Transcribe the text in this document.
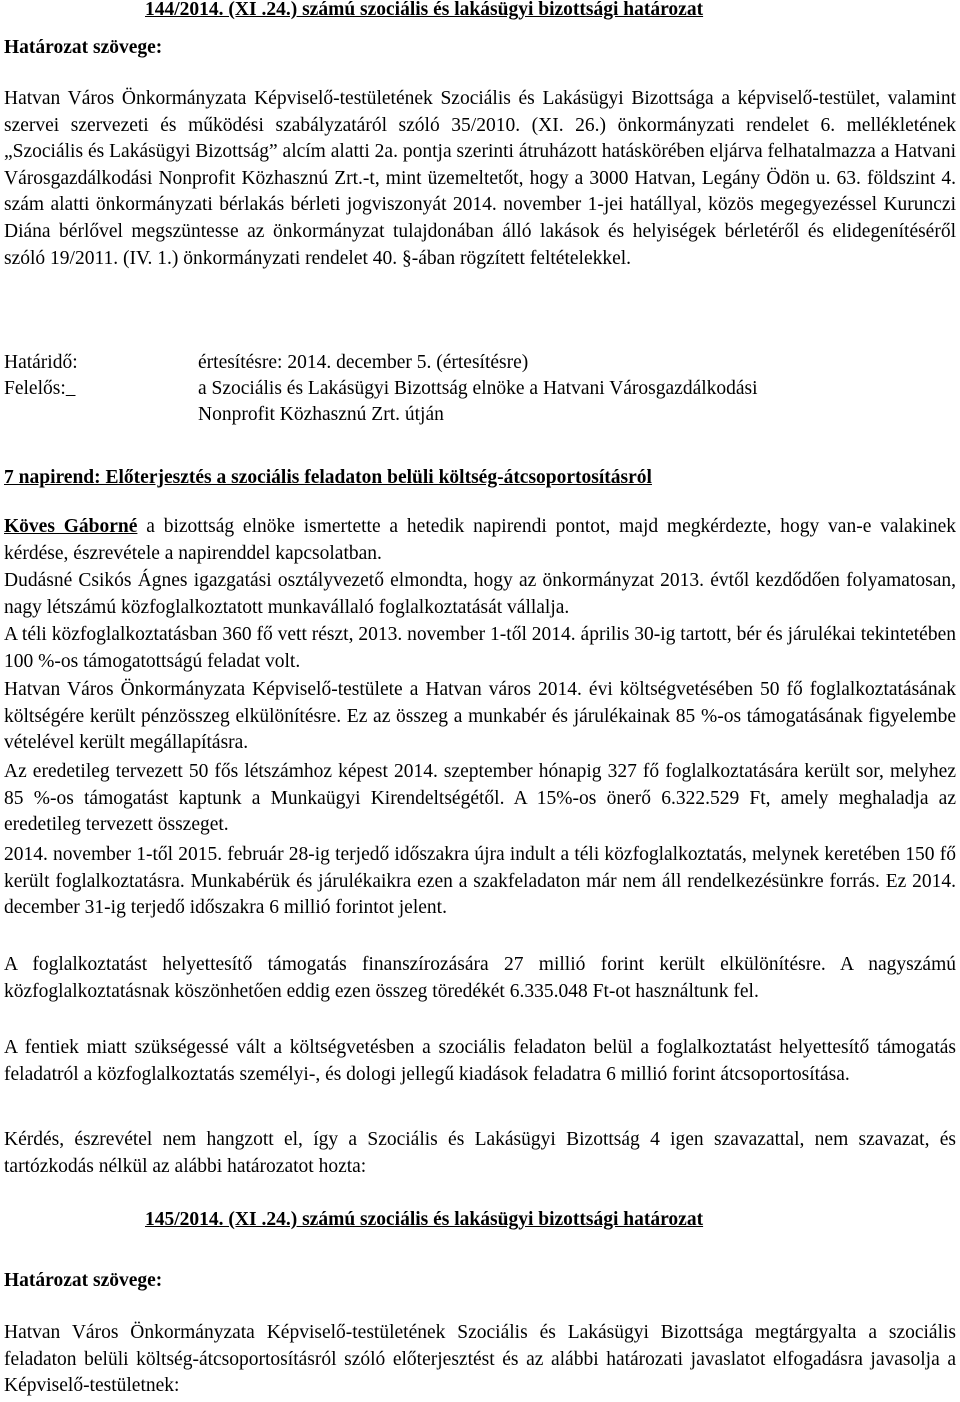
144/2014. (XI .24.) számú szociális és lakásügyi bizottsági határozat
Határozat szövege:

Hatvan Város Önkormányzata Képviselő-testületének Szociális és Lakásügyi Bizottsága a képviselő-testület, valamint szervei szervezeti és működési szabályzatáról szóló 35/2010. (XI. 26.) önkormányzati rendelet 6. mellékletének „Szociális és Lakásügyi Bizottság” alcím alatti 2a. pontja szerinti átruházott hatáskörében eljárva felhatalmazza a Hatvani Városgazdálkodási Nonprofit Közhasznú Zrt.-t, mint üzemeltetőt, hogy a 3000 Hatvan, Legány Ödön u. 63. földszint 4. szám alatti önkormányzati bérlakás bérleti jogviszonyát 2014. november 1-jei hatállyal, közös megegyezéssel Kurunczi Diána bérlővel megszüntesse az önkormányzat tulajdonában álló lakások és helyiségek bérletéről és elidegenítéséről szóló 19/2011. (IV. 1.) önkormányzati rendelet 40. §-ában rögzített feltételekkel.

Határidő:	értesítésre: 2014. december 5. (értesítésre)
Felelős:	a Szociális és Lakásügyi Bizottság elnöke a Hatvani Városgazdálkodási
Nonprofit Közhasznú Zrt. útján
7 napirend: Előterjesztés a szociális feladaton belüli költség-átcsoportosításról

Köves Gáborné a bizottság elnöke ismertette a hetedik napirendi pontot, majd megkérdezte, hogy van-e valakinek kérdése, észrevétele a napirenddel kapcsolatban.

Dudásné Csikós Ágnes igazgatási osztályvezető elmondta, hogy az önkormányzat 2013. évtől kezdődően folyamatosan, nagy létszámú közfoglalkoztatott munkavállaló foglalkoztatását vállalja.

A téli közfoglalkoztatásban 360 fő vett részt, 2013. november 1-től 2014. április 30-ig tartott, bér és járulékai tekintetében 100 %-os támogatottságú feladat volt.

Hatvan Város Önkormányzata Képviselő-testülete a Hatvan város 2014. évi költségvetésében 50 fő foglalkoztatásának költségére került pénzösszeg elkülönítésre. Ez az összeg a munkabér és járulékainak 85 %-os támogatásának figyelembe vételével került megállapításra.

Az eredetileg tervezett 50 fős létszámhoz képest 2014. szeptember hónapig 327 fő foglalkoztatására került sor, melyhez 85 %-os támogatást kaptunk a Munkaügyi Kirendeltségétől. A 15%-os önerő 6.322.529 Ft, amely meghaladja az eredetileg tervezett összeget.

2014. november 1-től 2015. február 28-ig terjedő időszakra újra indult a téli közfoglalkoztatás, melynek keretében 150 fő került foglalkoztatásra. Munkabérük és járulékaikra ezen a szakfeladaton már nem áll rendelkezésünkre forrás. Ez 2014. december 31-ig terjedő időszakra 6 millió forintot jelent.

A foglalkoztatást helyettesítő támogatás finanszírozására 27 millió forint került elkülönítésre. A nagyszámú közfoglalkoztatásnak köszönhetően eddig ezen összeg töredékét 6.335.048 Ft-ot használtunk fel.

A fentiek miatt szükségessé vált a költségvetésben a szociális feladaton belül a foglalkoztatást helyettesítő támogatás feladatról a közfoglalkoztatás személyi-, és dologi jellegű kiadások feladatra 6 millió forint átcsoportosítása.

Kérdés, észrevétel nem hangzott el, így a Szociális és Lakásügyi Bizottság 4 igen szavazattal, nem szavazat, és tartózkodás nélkül az alábbi határozatot hozta:

145/2014. (XI .24.) számú szociális és lakásügyi bizottsági határozat
Határozat szövege:

Hatvan Város Önkormányzata Képviselő-testületének Szociális és Lakásügyi Bizottsága megtárgyalta a szociális feladaton belüli költség-átcsoportosításról szóló előterjesztést és az alábbi határozati javaslatot elfogadásra javasolja a Képviselő-testületnek:
